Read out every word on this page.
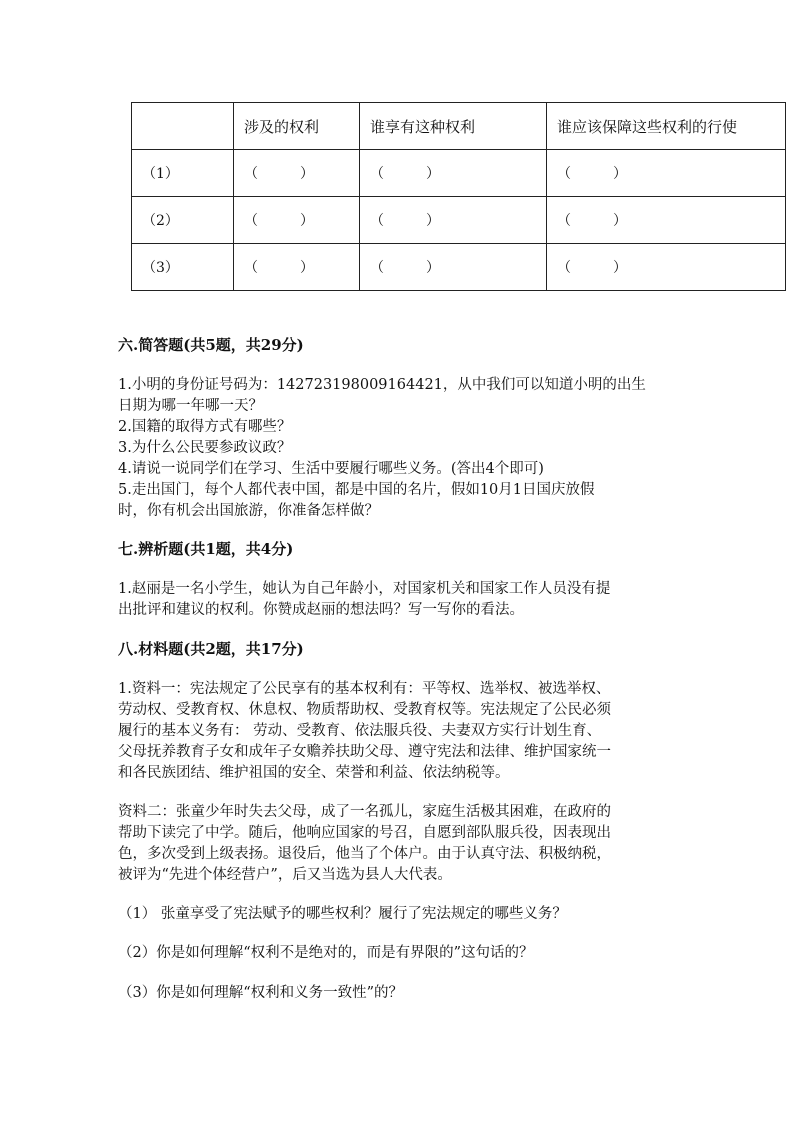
	涉及的权利	谁享有这种权利	谁应该保障这些权利的行使
（1）	（　　　）	（　　　）	（　　　）
（2）	（　　　）	（　　　）	（　　　）
（3）	（　　　）	（　　　）	（　　　）
六.简答题(共5题，共29分)
1.小明的身份证号码为：142723198009164421，从中我们可以知道小明的出生
日期为哪一年哪一天？
2.国籍的取得方式有哪些？
3.为什么公民要参政议政？
4.请说一说同学们在学习、生活中要履行哪些义务。(答出4个即可)
5.走出国门，每个人都代表中国，都是中国的名片，假如10月1日国庆放假
时，你有机会出国旅游，你准备怎样做？
七.辨析题(共1题，共4分)
1.赵丽是一名小学生，她认为自己年龄小，对国家机关和国家工作人员没有提
出批评和建议的权利。你赞成赵丽的想法吗？写一写你的看法。
八.材料题(共2题，共17分)
1.资料一：宪法规定了公民享有的基本权利有：平等权、选举权、被选举权、
劳动权、受教育权、休息权、物质帮助权、受教育权等。宪法规定了公民必须
履行的基本义务有： 劳动、受教育、依法服兵役、夫妻双方实行计划生育、
父母抚养教育子女和成年子女赡养扶助父母、遵守宪法和法律、维护国家统一
和各民族团结、维护祖国的安全、荣誉和利益、依法纳税等。
资料二：张童少年时失去父母，成了一名孤儿，家庭生活极其困难，在政府的
帮助下读完了中学。随后，他响应国家的号召，自愿到部队服兵役，因表现出
色，多次受到上级表扬。退役后，他当了个体户。由于认真守法、积极纳税，
被评为“先进个体经营户”，后又当选为县人大代表。
（1） 张童享受了宪法赋予的哪些权利？履行了宪法规定的哪些义务？
（2）你是如何理解“权利不是绝对的，而是有界限的”这句话的？
（3）你是如何理解“权利和义务一致性”的？
